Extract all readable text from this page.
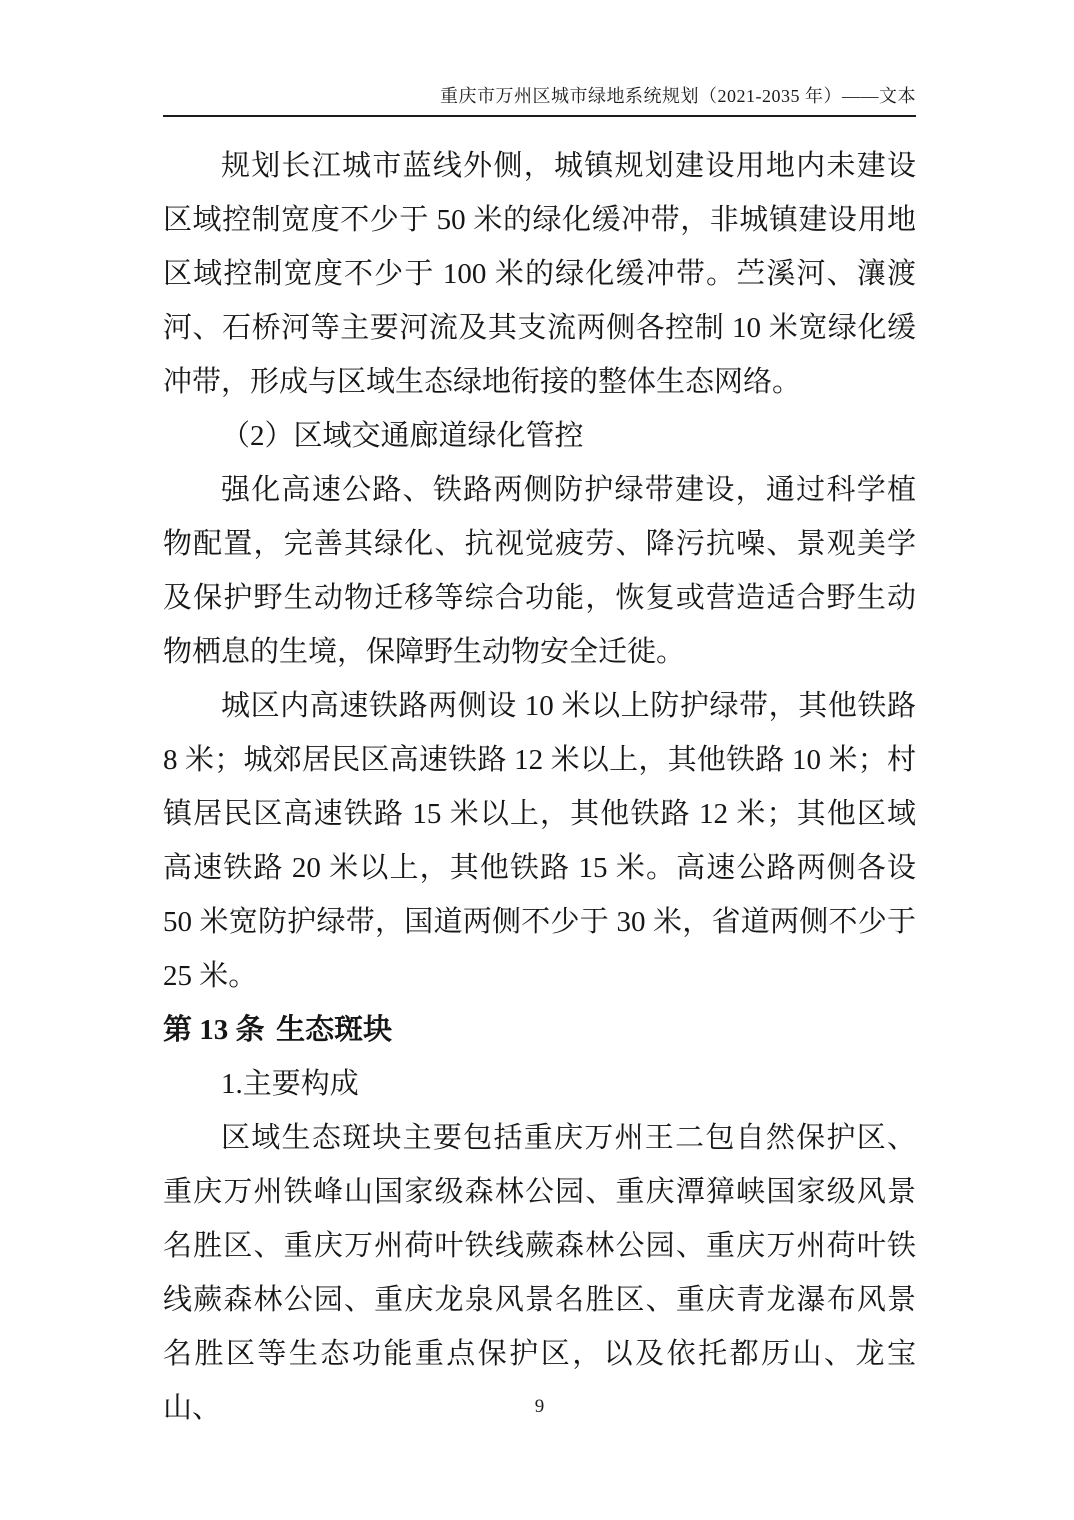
重庆市万州区城市绿地系统规划（2021-2035 年）——文本

规划长江城市蓝线外侧，城镇规划建设用地内未建设区域控制宽度不少于 50 米的绿化缓冲带，非城镇建设用地区域控制宽度不少于 100 米的绿化缓冲带。苎溪河、瀼渡河、石桥河等主要河流及其支流两侧各控制 10 米宽绿化缓冲带，形成与区域生态绿地衔接的整体生态网络。

（2）区域交通廊道绿化管控

强化高速公路、铁路两侧防护绿带建设，通过科学植物配置，完善其绿化、抗视觉疲劳、降污抗噪、景观美学及保护野生动物迁移等综合功能，恢复或营造适合野生动物栖息的生境，保障野生动物安全迁徙。

城区内高速铁路两侧设 10 米以上防护绿带，其他铁路 8 米；城郊居民区高速铁路 12 米以上，其他铁路 10 米；村镇居民区高速铁路 15 米以上，其他铁路 12 米；其他区域高速铁路 20 米以上，其他铁路 15 米。高速公路两侧各设 50 米宽防护绿带，国道两侧不少于 30 米，省道两侧不少于 25 米。

第 13 条 生态斑块

1.主要构成

区域生态斑块主要包括重庆万州王二包自然保护区、重庆万州铁峰山国家级森林公园、重庆潭獐峡国家级风景名胜区、重庆万州荷叶铁线蕨森林公园、重庆万州荷叶铁线蕨森林公园、重庆龙泉风景名胜区、重庆青龙瀑布风景名胜区等生态功能重点保护区，以及依托都历山、龙宝山、	9
